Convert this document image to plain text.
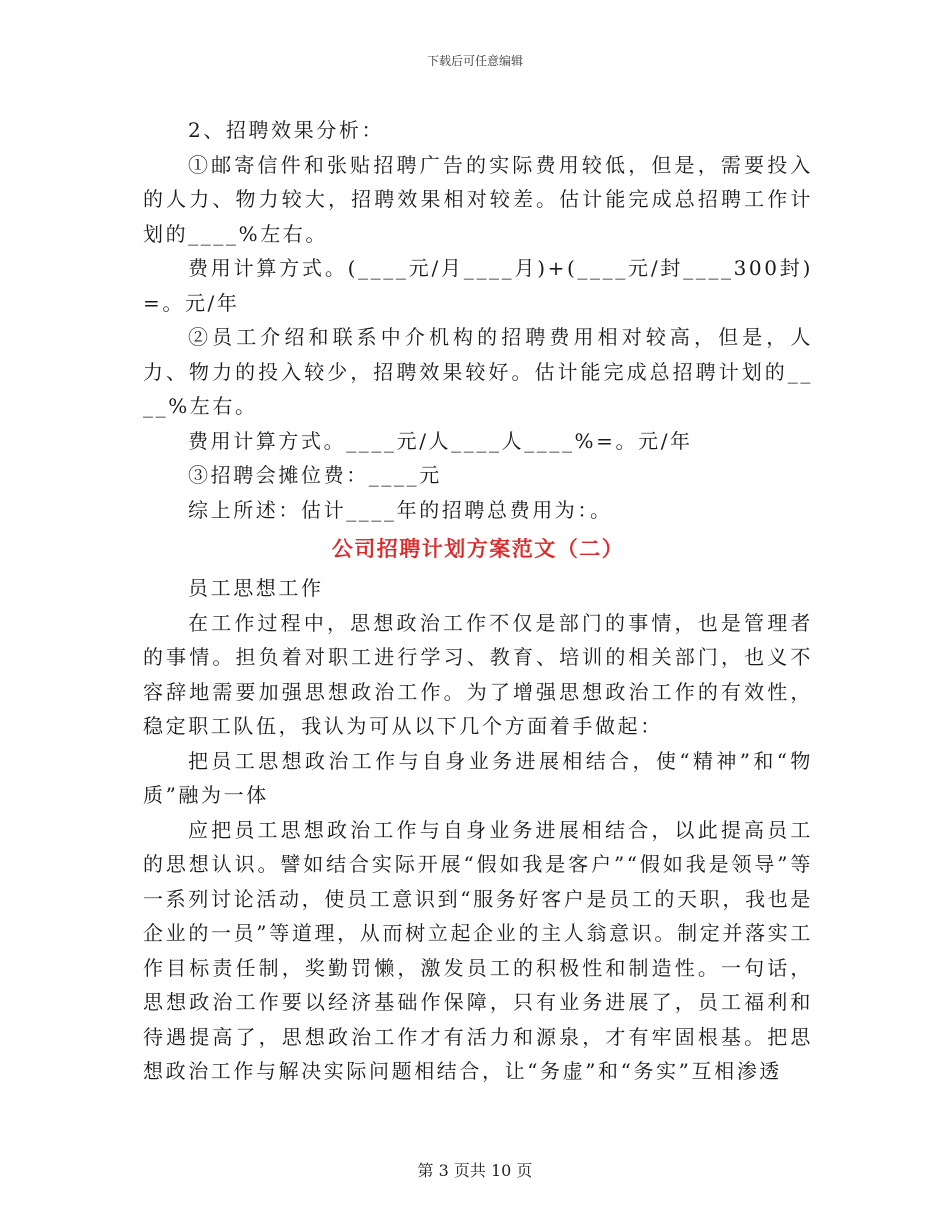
下载后可任意编辑

2、招聘效果分析：

①邮寄信件和张贴招聘广告的实际费用较低，但是，需要投入的人力、物力较大，招聘效果相对较差。估计能完成总招聘工作计划的____%左右。

费用计算方式。(____元/月____月)+(____元/封____300封)=。元/年

②员工介绍和联系中介机构的招聘费用相对较高，但是，人力、物力的投入较少，招聘效果较好。估计能完成总招聘计划的____%左右。

费用计算方式。____元/人____人____%=。元/年

③招聘会摊位费：____元

综上所述：估计____年的招聘总费用为：。

公司招聘计划方案范文（二）

员工思想工作

在工作过程中，思想政治工作不仅是部门的事情，也是管理者的事情。担负着对职工进行学习、教育、培训的相关部门，也义不容辞地需要加强思想政治工作。为了增强思想政治工作的有效性，稳定职工队伍，我认为可从以下几个方面着手做起：

把员工思想政治工作与自身业务进展相结合，使“精神”和“物质”融为一体

应把员工思想政治工作与自身业务进展相结合，以此提高员工的思想认识。譬如结合实际开展“假如我是客户”“假如我是领导”等一系列讨论活动，使员工意识到“服务好客户是员工的天职，我也是企业的一员”等道理，从而树立起企业的主人翁意识。制定并落实工作目标责任制，奖勤罚懒，激发员工的积极性和制造性。一句话，思想政治工作要以经济基础作保障，只有业务进展了，员工福利和待遇提高了，思想政治工作才有活力和源泉，才有牢固根基。把思想政治工作与解决实际问题相结合，让“务虚”和“务实”互相渗透

第 3 页共 10 页
